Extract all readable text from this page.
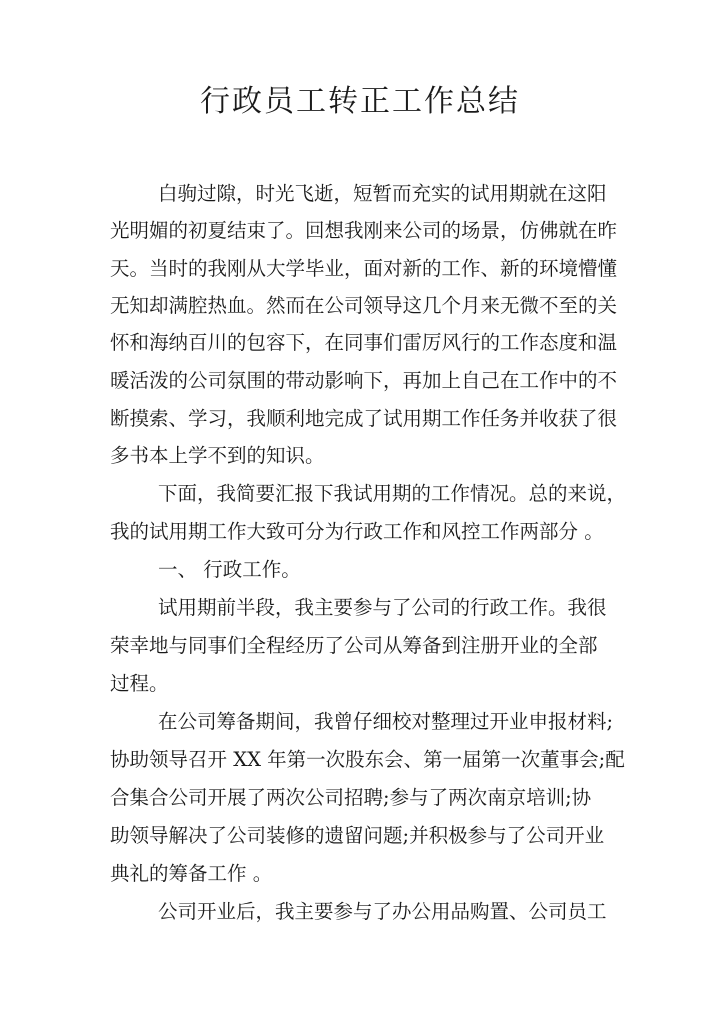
行政员工转正工作总结

白驹过隙，时光飞逝，短暂而充实的试用期就在这阳

光明媚的初夏结束了。回想我刚来公司的场景，仿佛就在昨

天。当时的我刚从大学毕业，面对新的工作、新的环境懵懂

无知却满腔热血。然而在公司领导这几个月来无微不至的关

怀和海纳百川的包容下，在同事们雷厉风行的工作态度和温

暖活泼的公司氛围的带动影响下，再加上自己在工作中的不

断摸索、学习，我顺利地完成了试用期工作任务并收获了很

多书本上学不到的知识。

下面，我简要汇报下我试用期的工作情况。总的来说，

我的试用期工作大致可分为行政工作和风控工作两部分 。

一、 行政工作。

试用期前半段，我主要参与了公司的行政工作。我很

荣幸地与同事们全程经历了公司从筹备到注册开业的全部

过程。

在公司筹备期间，我曾仔细校对整理过开业申报材料;

协助领导召开 XX 年第一次股东会、第一届第一次董事会;配

合集合公司开展了两次公司招聘;参与了两次南京培训;协

助领导解决了公司装修的遗留问题;并积极参与了公司开业

典礼的筹备工作 。

公司开业后，我主要参与了办公用品购置、公司员工
